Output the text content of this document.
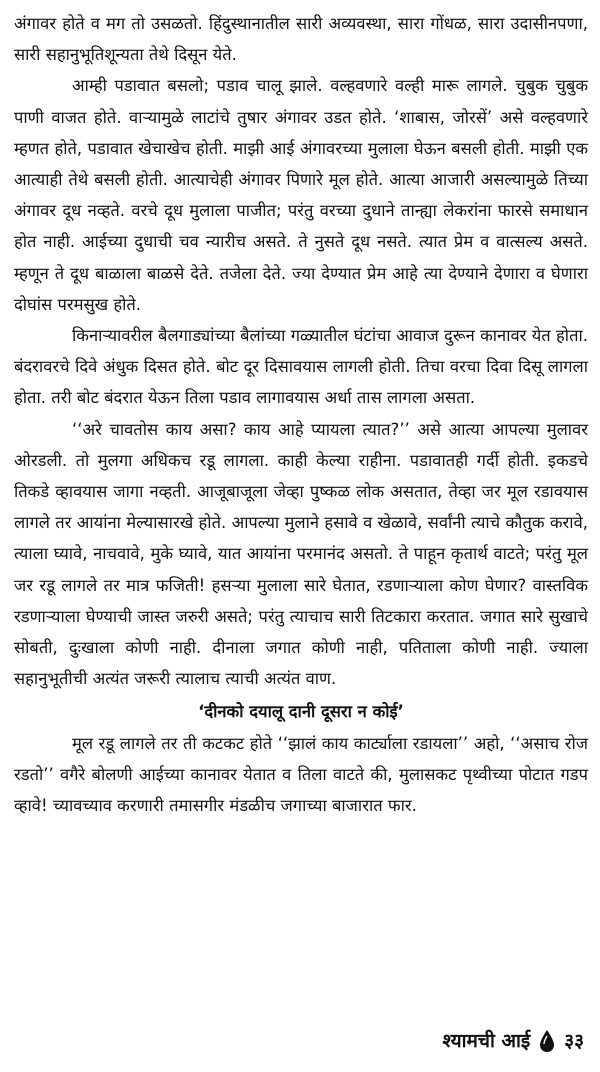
अंगावर होते व मग तो उसळतो. हिंदुस्थानातील सारी अव्यवस्था, सारा गोंधळ, सारा उदासीनपणा, सारी सहानुभूतिशून्यता तेथे दिसून येते.

आम्ही पडावात बसलो; पडाव चालू झाले. वल्हवणारे वल्ही मारू लागले. चुबुक चुबुक पाणी वाजत होते. वाऱ्यामुळे लाटांचे तुषार अंगावर उडत होते. ‘शाबास, जोरसें’ असे वल्हवणारे म्हणत होते, पडावात खेचाखेच होती. माझी आई अंगावरच्या मुलाला घेऊन बसली होती. माझी एक आत्याही तेथे बसली होती. आत्याचेही अंगावर पिणारे मूल होते. आत्या आजारी असल्यामुळे तिच्या अंगावर दूध नव्हते. वरचे दूध मुलाला पाजीत; परंतु वरच्या दुधाने तान्ह्या लेकरांना फारसे समाधान होत नाही. आईच्या दुधाची चव न्यारीच असते. ते नुसते दूध नसते. त्यात प्रेम व वात्सल्य असते. म्हणून ते दूध बाळाला बाळसे देते. तजेला देते. ज्या देण्यात प्रेम आहे त्या देण्याने देणारा व घेणारा दोघांस परमसुख होते.

किनाऱ्यावरील बैलगाड्यांच्या बैलांच्या गळ्यातील घंटांचा आवाज दुरून कानावर येत होता. बंदरावरचे दिवे अंधुक दिसत होते. बोट दूर दिसावयास लागली होती. तिचा वरचा दिवा दिसू लागला होता. तरी बोट बंदरात येऊन तिला पडाव लागावयास अर्धा तास लागला असता.

‘‘अरे चावतोस काय असा? काय आहे प्यायला त्यात?’’ असे आत्या आपल्या मुलावर ओरडली. तो मुलगा अधिकच रडू लागला. काही केल्या राहीना. पडावातही गर्दी होती. इकडचे तिकडे व्हावयास जागा नव्हती. आजूबाजूला जेव्हा पुष्कळ लोक असतात, तेव्हा जर मूल रडावयास लागले तर आयांना मेल्यासारखे होते. आपल्या मुलाने हसावे व खेळावे, सर्वांनी त्याचे कौतुक करावे, त्याला घ्यावे, नाचवावे, मुके घ्यावे, यात आयांना परमानंद असतो. ते पाहून कृतार्थ वाटते; परंतु मूल जर रडू लागले तर मात्र फजिती! हसऱ्या मुलाला सारे घेतात, रडणाऱ्याला कोण घेणार? वास्तविक रडणाऱ्याला घेण्याची जास्त जरुरी असते; परंतु त्याचाच सारी तिटकारा करतात. जगात सारे सुखाचे सोबती, दुःखाला कोणी नाही. दीनाला जगात कोणी नाही, पतिताला कोणी नाही. ज्याला सहानुभूतीची अत्यंत जरूरी त्यालाच त्याची अत्यंत वाण.

‘दीनको दयालू दानी दूसरा न कोई’

मूल रडू लागले तर ती कटकट होते ‘‘झालं काय कार्ट्याला रडायला’’ अहो, ‘‘असाच रोज रडतो’’ वगैरे बोलणी आईच्या कानावर येतात व तिला वाटते की, मुलासकट पृथ्वीच्या पोटात गडप व्हावे! च्यावच्याव करणारी तमासगीर मंडळीच जगाच्या बाजारात फार.

श्यामची आई ३३
